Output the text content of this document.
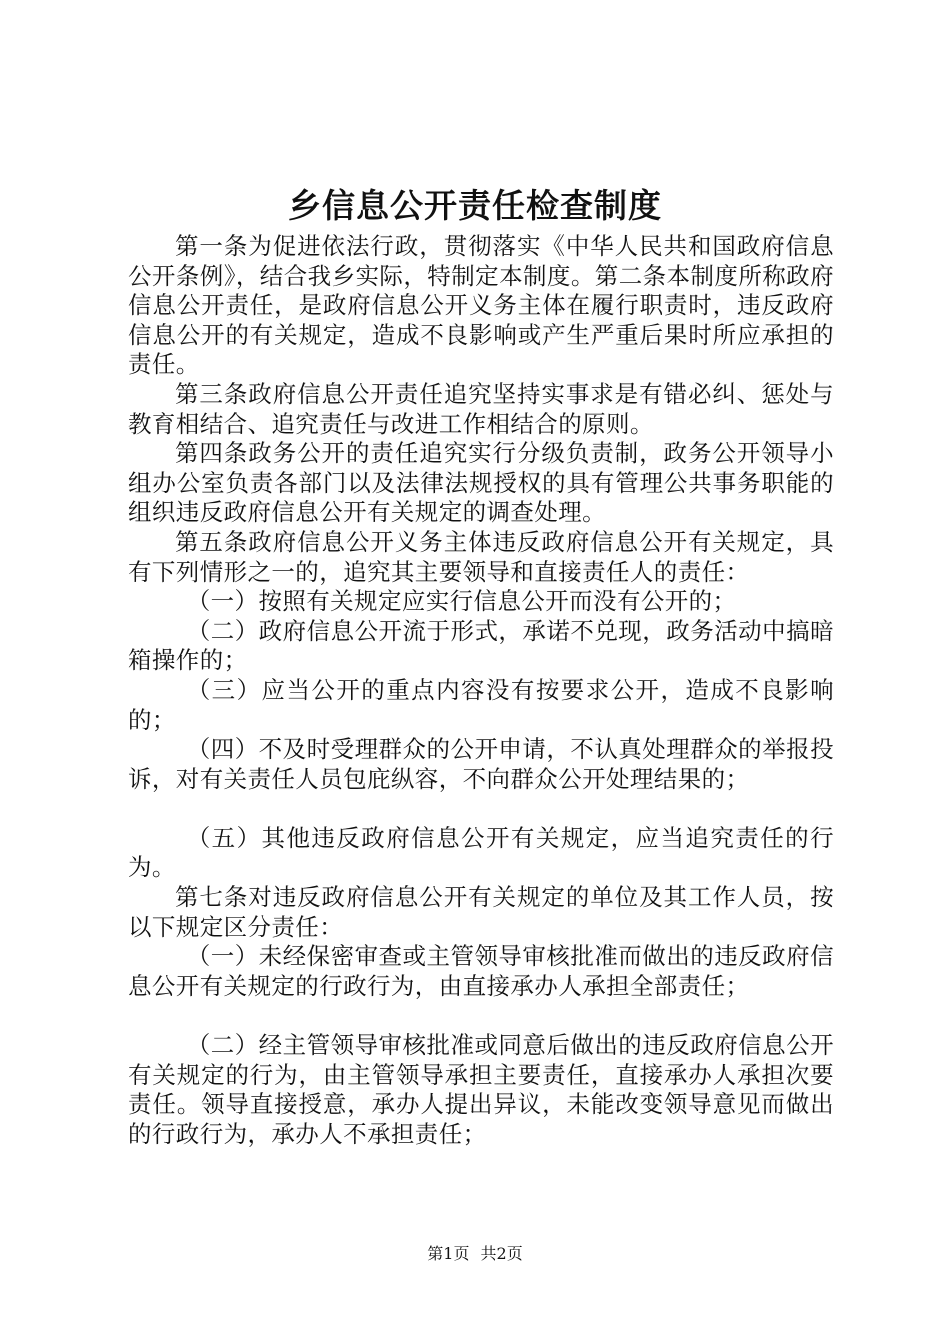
乡信息公开责任检查制度

第一条为促进依法行政，贯彻落实《中华人民共和国政府信息公开条例》，结合我乡实际，特制定本制度。第二条本制度所称政府信息公开责任，是政府信息公开义务主体在履行职责时，违反政府信息公开的有关规定，造成不良影响或产生严重后果时所应承担的责任。

第三条政府信息公开责任追究坚持实事求是有错必纠、惩处与教育相结合、追究责任与改进工作相结合的原则。

第四条政务公开的责任追究实行分级负责制，政务公开领导小组办公室负责各部门以及法律法规授权的具有管理公共事务职能的组织违反政府信息公开有关规定的调查处理。

第五条政府信息公开义务主体违反政府信息公开有关规定，具有下列情形之一的，追究其主要领导和直接责任人的责任：

（一）按照有关规定应实行信息公开而没有公开的；

（二）政府信息公开流于形式，承诺不兑现，政务活动中搞暗箱操作的；

（三）应当公开的重点内容没有按要求公开，造成不良影响的；

（四）不及时受理群众的公开申请，不认真处理群众的举报投诉，对有关责任人员包庇纵容，不向群众公开处理结果的；

（五）其他违反政府信息公开有关规定，应当追究责任的行为。

第七条对违反政府信息公开有关规定的单位及其工作人员，按以下规定区分责任：

（一）未经保密审查或主管领导审核批准而做出的违反政府信息公开有关规定的行政行为，由直接承办人承担全部责任；

（二）经主管领导审核批准或同意后做出的违反政府信息公开有关规定的行为，由主管领导承担主要责任，直接承办人承担次要责任。领导直接授意，承办人提出异议，未能改变领导意见而做出的行政行为，承办人不承担责任；

第1页 共2页
